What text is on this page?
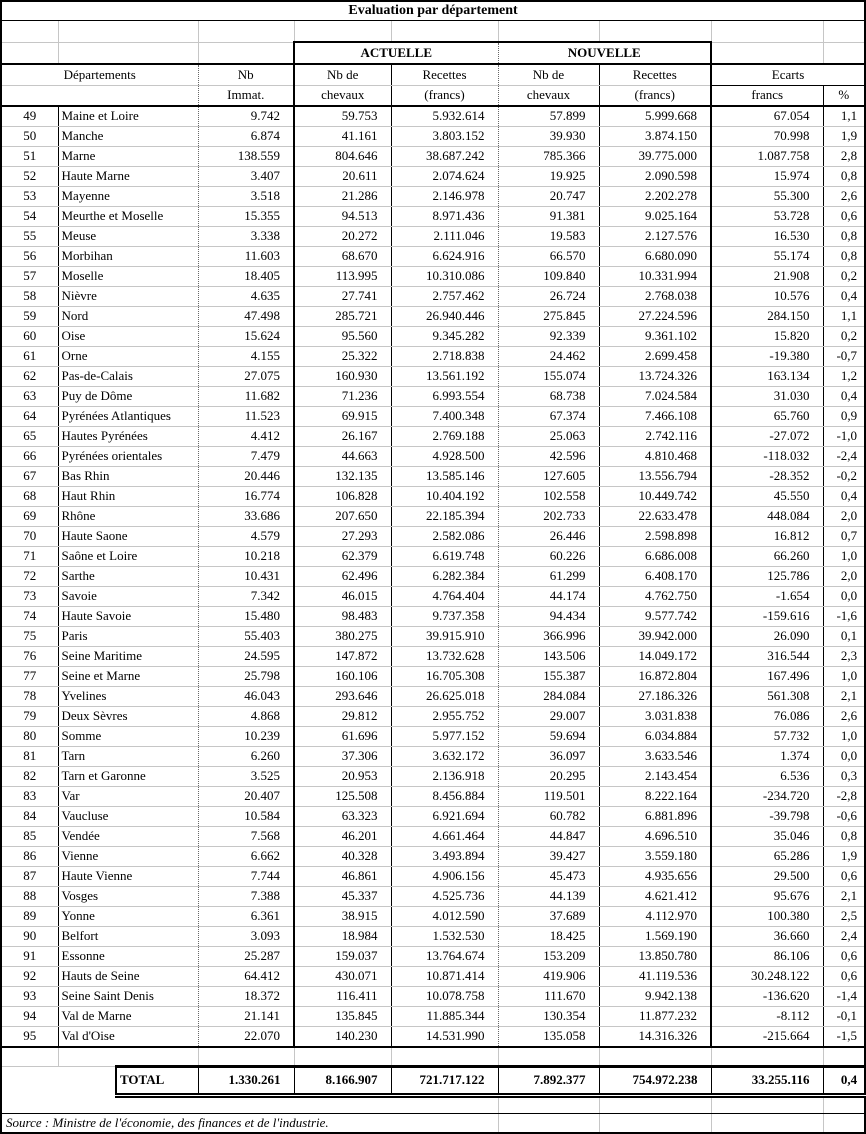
Evaluation par département									

				ACTUELLE		NOUVELLE			
Départements			Nb	Nb de	Recettes	Nb de	Recettes	Ecarts	
			Immat.	chevaux	(francs)	chevaux	(francs)	francs	%
49	Maine et Loire		9.742	59.753	5.932.614	57.899	5.999.668	67.054	1,1
50	Manche		6.874	41.161	3.803.152	39.930	3.874.150	70.998	1,9
51	Marne		138.559	804.646	38.687.242	785.366	39.775.000	1.087.758	2,8
52	Haute Marne		3.407	20.611	2.074.624	19.925	2.090.598	15.974	0,8
53	Mayenne		3.518	21.286	2.146.978	20.747	2.202.278	55.300	2,6
54	Meurthe et Moselle		15.355	94.513	8.971.436	91.381	9.025.164	53.728	0,6
55	Meuse		3.338	20.272	2.111.046	19.583	2.127.576	16.530	0,8
56	Morbihan		11.603	68.670	6.624.916	66.570	6.680.090	55.174	0,8
57	Moselle		18.405	113.995	10.310.086	109.840	10.331.994	21.908	0,2
58	Nièvre		4.635	27.741	2.757.462	26.724	2.768.038	10.576	0,4
59	Nord		47.498	285.721	26.940.446	275.845	27.224.596	284.150	1,1
60	Oise		15.624	95.560	9.345.282	92.339	9.361.102	15.820	0,2
61	Orne		4.155	25.322	2.718.838	24.462	2.699.458	-19.380	-0,7
62	Pas-de-Calais		27.075	160.930	13.561.192	155.074	13.724.326	163.134	1,2
63	Puy de Dôme		11.682	71.236	6.993.554	68.738	7.024.584	31.030	0,4
64	Pyrénées Atlantiques		11.523	69.915	7.400.348	67.374	7.466.108	65.760	0,9
65	Hautes Pyrénées		4.412	26.167	2.769.188	25.063	2.742.116	-27.072	-1,0
66	Pyrénées orientales		7.479	44.663	4.928.500	42.596	4.810.468	-118.032	-2,4
67	Bas Rhin		20.446	132.135	13.585.146	127.605	13.556.794	-28.352	-0,2
68	Haut Rhin		16.774	106.828	10.404.192	102.558	10.449.742	45.550	0,4
69	Rhône		33.686	207.650	22.185.394	202.733	22.633.478	448.084	2,0
70	Haute Saone		4.579	27.293	2.582.086	26.446	2.598.898	16.812	0,7
71	Saône et Loire		10.218	62.379	6.619.748	60.226	6.686.008	66.260	1,0
72	Sarthe		10.431	62.496	6.282.384	61.299	6.408.170	125.786	2,0
73	Savoie		7.342	46.015	4.764.404	44.174	4.762.750	-1.654	0,0
74	Haute Savoie		15.480	98.483	9.737.358	94.434	9.577.742	-159.616	-1,6
75	Paris		55.403	380.275	39.915.910	366.996	39.942.000	26.090	0,1
76	Seine Maritime		24.595	147.872	13.732.628	143.506	14.049.172	316.544	2,3
77	Seine et Marne		25.798	160.106	16.705.308	155.387	16.872.804	167.496	1,0
78	Yvelines		46.043	293.646	26.625.018	284.084	27.186.326	561.308	2,1
79	Deux Sèvres		4.868	29.812	2.955.752	29.007	3.031.838	76.086	2,6
80	Somme		10.239	61.696	5.977.152	59.694	6.034.884	57.732	1,0
81	Tarn		6.260	37.306	3.632.172	36.097	3.633.546	1.374	0,0
82	Tarn et Garonne		3.525	20.953	2.136.918	20.295	2.143.454	6.536	0,3
83	Var		20.407	125.508	8.456.884	119.501	8.222.164	-234.720	-2,8
84	Vaucluse		10.584	63.323	6.921.694	60.782	6.881.896	-39.798	-0,6
85	Vendée		7.568	46.201	4.661.464	44.847	4.696.510	35.046	0,8
86	Vienne		6.662	40.328	3.493.894	39.427	3.559.180	65.286	1,9
87	Haute Vienne		7.744	46.861	4.906.156	45.473	4.935.656	29.500	0,6
88	Vosges		7.388	45.337	4.525.736	44.139	4.621.412	95.676	2,1
89	Yonne		6.361	38.915	4.012.590	37.689	4.112.970	100.380	2,5
90	Belfort		3.093	18.984	1.532.530	18.425	1.569.190	36.660	2,4
91	Essonne		25.287	159.037	13.764.674	153.209	13.850.780	86.106	0,6
92	Hauts de Seine		64.412	430.071	10.871.414	419.906	41.119.536	30.248.122	0,6
93	Seine Saint Denis		18.372	116.411	10.078.758	111.670	9.942.138	-136.620	-1,4
94	Val de Marne		21.141	135.845	11.885.344	130.354	11.877.232	-8.112	-0,1
95	Val d'Oise		22.070	140.230	14.531.990	135.058	14.316.326	-215.664	-1,5

		TOTAL	1.330.261	8.166.907	721.717.122	7.892.377	754.972.238	33.255.116	0,4

Source : Ministre de l'économie, des finances et de l'industrie.									
